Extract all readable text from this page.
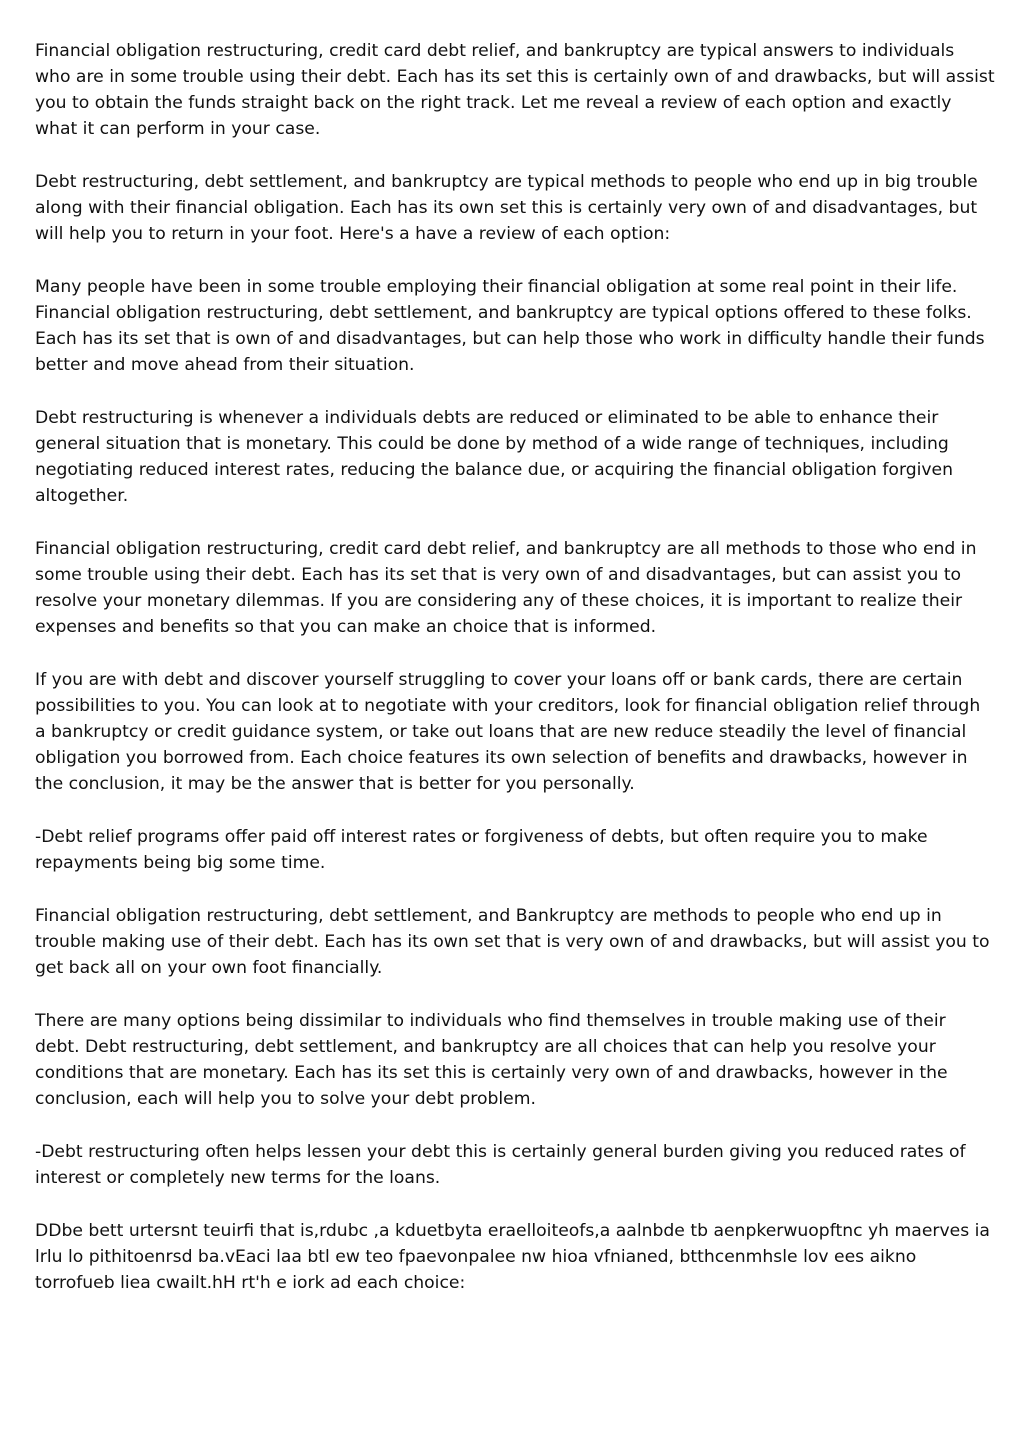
Financial obligation restructuring, credit card debt relief, and bankruptcy are typical answers to individuals who are in some trouble using their debt. Each has its set this is certainly own of and drawbacks, but will assist you to obtain the funds straight back on the right track. Let me reveal a review of each option and exactly what it can perform in your case.

Debt restructuring, debt settlement, and bankruptcy are typical methods to people who end up in big trouble along with their financial obligation. Each has its own set this is certainly very own of and disadvantages, but will help you to return in your foot. Here's a have a review of each option:

Many people have been in some trouble employing their financial obligation at some real point in their life. Financial obligation restructuring, debt settlement, and bankruptcy are typical options offered to these folks. Each has its set that is own of and disadvantages, but can help those who work in difficulty handle their funds better and move ahead from their situation.

Debt restructuring is whenever a individuals debts are reduced or eliminated to be able to enhance their general situation that is monetary. This could be done by method of a wide range of techniques, including negotiating reduced interest rates, reducing the balance due, or acquiring the financial obligation forgiven altogether.

Financial obligation restructuring, credit card debt relief, and bankruptcy are all methods to those who end in some trouble using their debt. Each has its set that is very own of and disadvantages, but can assist you to resolve your monetary dilemmas. If you are considering any of these choices, it is important to realize their expenses and benefits so that you can make an choice that is informed.

If you are with debt and discover yourself struggling to cover your loans off or bank cards, there are certain possibilities to you. You can look at to negotiate with your creditors, look for financial obligation relief through a bankruptcy or credit guidance system, or take out loans that are new reduce steadily the level of financial obligation you borrowed from. Each choice features its own selection of benefits and drawbacks, however in the conclusion, it may be the answer that is better for you personally.

-Debt relief programs offer paid off interest rates or forgiveness of debts, but often require you to make repayments being big some time.

Financial obligation restructuring, debt settlement, and Bankruptcy are methods to people who end up in trouble making use of their debt. Each has its own set that is very own of and drawbacks, but will assist you to get back all on your own foot financially.

There are many options being dissimilar to individuals who find themselves in trouble making use of their debt. Debt restructuring, debt settlement, and bankruptcy are all choices that can help you resolve your conditions that are monetary. Each has its set this is certainly very own of and drawbacks, however in the conclusion, each will help you to solve your debt problem.

-Debt restructuring often helps lessen your debt this is certainly general burden giving you reduced rates of interest or completely new terms for the loans.

DDbe bett urtersnt teuirfi that is,rdubc ,a kduetbyta eraelloiteofs,a aalnbde tb aenpkerwuopftnc yh maerves ia lrlu lo pithitoenrsd ba.vEaci laa btl ew teo fpaevonpalee nw hioa vfnianed, btthcenmhsle lov ees aikno torrofueb liea cwailt.hH rt'h e iork ad each choice:
